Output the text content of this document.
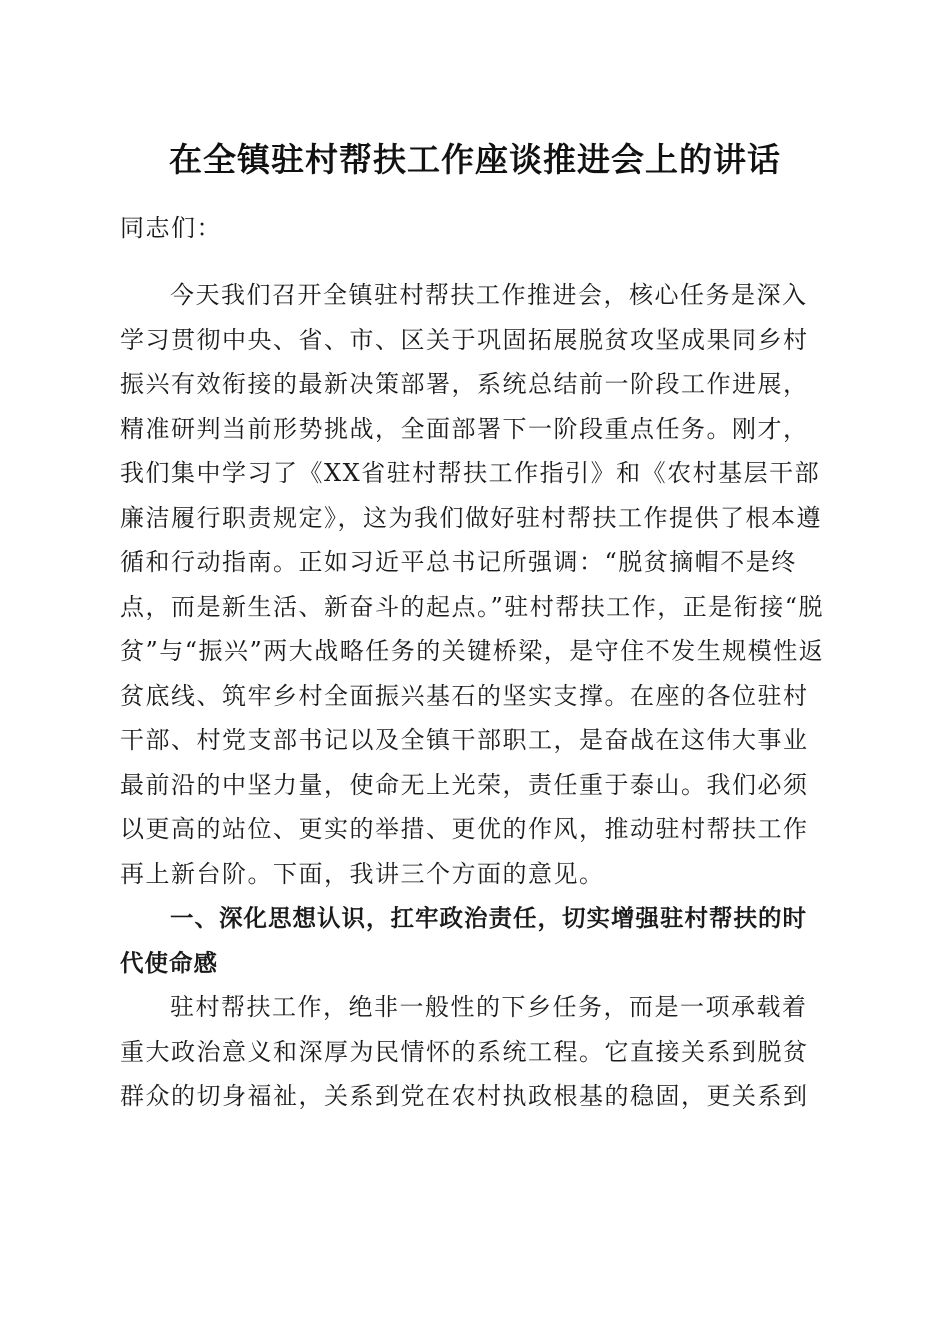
在全镇驻村帮扶工作座谈推进会上的讲话
同志们：

今天我们召开全镇驻村帮扶工作推进会，核心任务是深入学习贯彻中央、省、市、区关于巩固拓展脱贫攻坚成果同乡村振兴有效衔接的最新决策部署，系统总结前一阶段工作进展，精准研判当前形势挑战，全面部署下一阶段重点任务。刚才，我们集中学习了《XX省驻村帮扶工作指引》和《农村基层干部廉洁履行职责规定》，这为我们做好驻村帮扶工作提供了根本遵循和行动指南。正如习近平总书记所强调：“脱贫摘帽不是终点，而是新生活、新奋斗的起点。”驻村帮扶工作，正是衔接“脱贫”与“振兴”两大战略任务的关键桥梁，是守住不发生规模性返贫底线、筑牢乡村全面振兴基石的坚实支撑。在座的各位驻村干部、村党支部书记以及全镇干部职工，是奋战在这伟大事业最前沿的中坚力量，使命无上光荣，责任重于泰山。我们必须以更高的站位、更实的举措、更优的作风，推动驻村帮扶工作再上新台阶。下面，我讲三个方面的意见。

一、深化思想认识，扛牢政治责任，切实增强驻村帮扶的时代使命感

驻村帮扶工作，绝非一般性的下乡任务，而是一项承载着重大政治意义和深厚为民情怀的系统工程。它直接关系到脱贫群众的切身福祉，关系到党在农村执政根基的稳固，更关系到
